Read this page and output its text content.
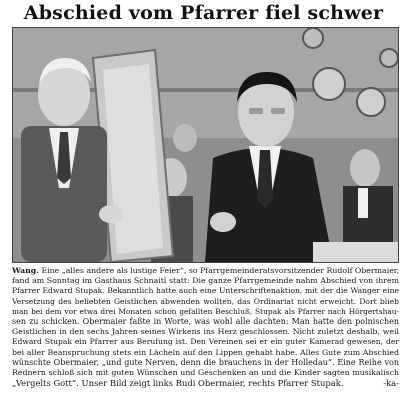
Abschied vom Pfarrer fiel schwer
Wang. Eine „alles andere als lustige Feier“, so Pfarrgemeinderatsvorsitzender Rudolf Obermaier,
fand am Sonntag im Gasthaus Schnaitl statt: Die ganze Pfarrgemeinde nahm Abschied von ihrem
Pfarrer Edward Stupak. Bekanntlich hatte auch eine Unterschriftenaktion, mit der die Wanger eine
Versetzung des beliebten Geistlichen abwenden wollten, das Ordinariat nicht erweicht. Dort blieb
man bei dem vor etwa drei Monaten schon gefallten Beschluß, Stupak als Pfarrer nach Hörgertshau-
sen zu schicken. Obermaier faßte in Worte, was wohl alle dachten: Man hatte den polnischen
Geistlichen in den sechs Jahren seines Wirkens ins Herz geschlossen. Nicht zuletzt deshalb, weil
Edward Stupak ein Pfarrer aus Berufung ist. Den Vereinen sei er ein guter Kamerad gewesen, der
bei aller Beanspruchung stets ein Lächeln auf den Lippen gehabt habe. Alles Gute zum Abschied
wünschte Obermaier, „und gute Nerven, denn die brauchens in der Holledau“. Eine Reihe von
Rednern schloß sich mit guten Wünschen und Geschenken an und die Kinder sagten musikalisch
„Vergelts Gott“. Unser Bild zeigt links Rudi Obermaier, rechts Pfarrer Stupak.	-ka-
